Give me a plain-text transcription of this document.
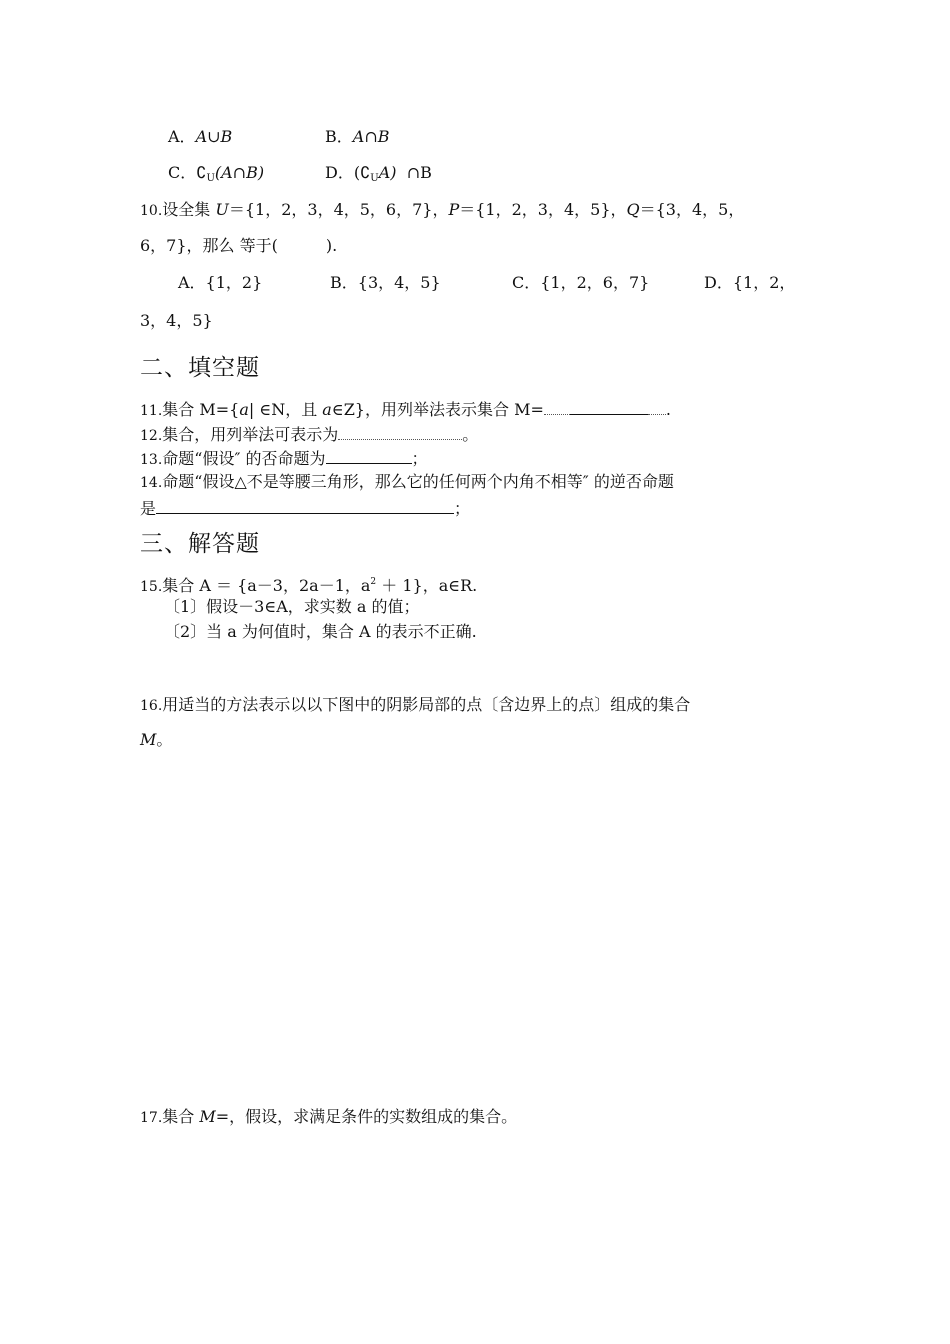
A．A∪B	B．A∩B
C．$∁_U(A\cap B)$	D．$(∁_UA)$ ∩B
10.设全集 U＝{1，2，3，4，5，6，7}，P＝{1，2，3，4，5}，Q＝{3，4，5，
6，7}，那么 等于(　　　).
A．{1，2}	B．{3，4，5}	C．{1，2，6，7}	D．{1，2，
3，4，5}
二、填空题
11.集合 M={a| ∈N，且 a∈Z}，用列举法表示集合 M=	.
12.集合，用列举法可表示为	。
13.命题“假设″ 的否命题为	；
14.命题“假设△不是等腰三角形，那么它的任何两个内角不相等″ 的逆否命题
是	；
三、解答题
15.集合 A ＝ {a－3，2a－1，$a^2 + 1$}，a∈R.
〔1〕假设－3∈A，求实数 a 的值；
〔2〕当 a 为何值时，集合 A 的表示不正确.
16.用适当的方法表示以以下图中的阴影局部的点〔含边界上的点〕组成的集合
M。
17.集合 M=，假设，求满足条件的实数组成的集合。
